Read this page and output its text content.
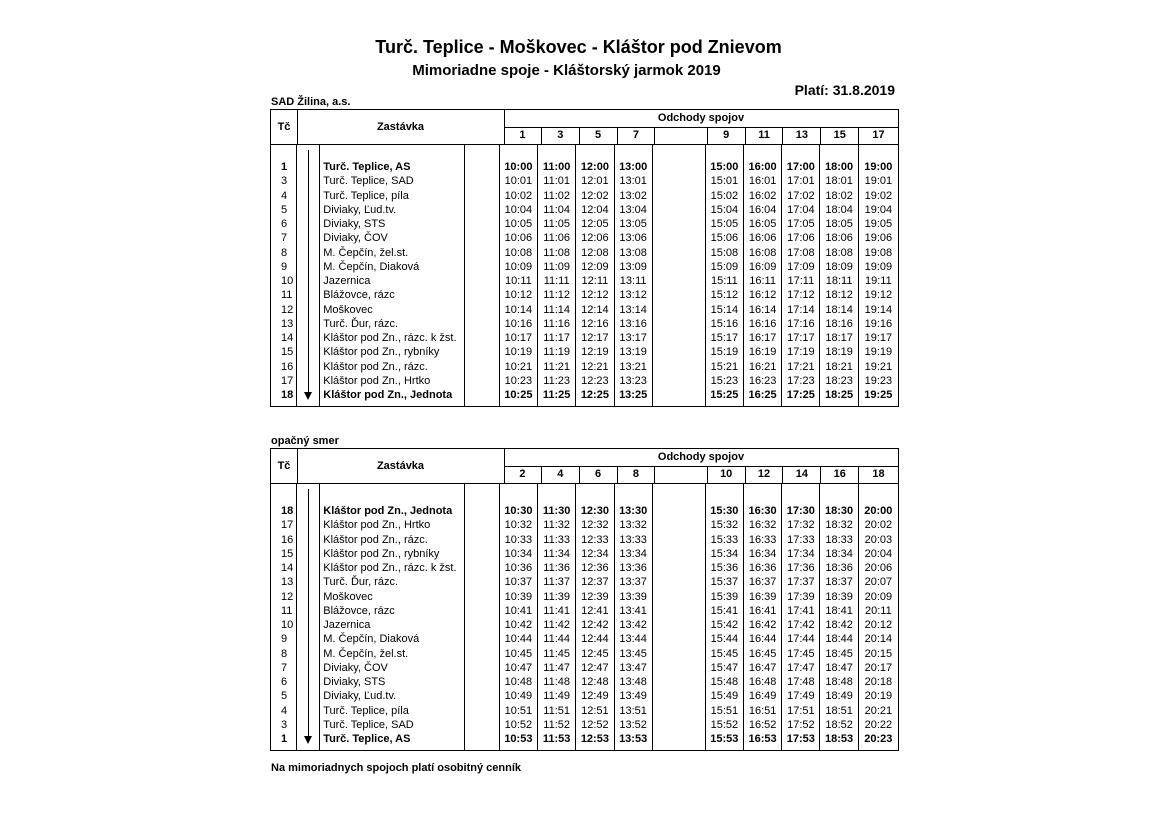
Turč. Teplice - Moškovec - Kláštor pod Znievom
Mimoriadne spoje - Kláštorský jarmok 2019
Platí: 31.8.2019
SAD Žilina, a.s.
Tč	Zastávka
Odchody spojov
1	3	5	7	9	11	13	15	17
1	Turč. Teplice, AS	10:00 11:00 12:00 13:00	15:00 16:00 17:00 18:00	19:00
3	Turč. Teplice, SAD	10:01	11:01	12:01 13:01	15:01 16:01 17:01 18:01	19:01
4	Turč. Teplice, píla	10:02	11:02	12:02 13:02	15:02 16:02 17:02 18:02	19:02
5	Diviaky, Ľud.tv.	10:04	11:04	12:04 13:04	15:04 16:04 17:04 18:04	19:04
6	Diviaky, STS	10:05	11:05	12:05 13:05	15:05 16:05 17:05 18:05	19:05
7	Diviaky, ČOV	10:06	11:06	12:06 13:06	15:06 16:06 17:06 18:06	19:06
8	M. Čepčín, žel.st.	10:08	11:08	12:08 13:08	15:08 16:08 17:08 18:08	19:08
9	M. Čepčín, Diaková	10:09	11:09	12:09 13:09	15:09 16:09 17:09 18:09	19:09
10	Jazernica	10:11	11:11	12:11	13:11	15:11	16:11	17:11	18:11	19:11
11	Blážovce, rázc	10:12	11:12	12:12 13:12	15:12 16:12 17:12 18:12	19:12
12	Moškovec	10:14	11:14	12:14 13:14	15:14 16:14 17:14 18:14	19:14
13	Turč. Ďur, rázc.	10:16	11:16	12:16 13:16	15:16 16:16 17:16 18:16	19:16
14	Kláštor pod Zn., rázc. k žst.	10:17	11:17	12:17 13:17	15:17 16:17 17:17 18:17	19:17
15	Kláštor pod Zn., rybníky	10:19	11:19	12:19 13:19	15:19 16:19 17:19 18:19	19:19
16	Kláštor pod Zn., rázc.	10:21	11:21	12:21 13:21	15:21 16:21 17:21 18:21	19:21
17	Kláštor pod Zn., Hrtko	10:23	11:23	12:23 13:23	15:23 16:23 17:23 18:23	19:23
18	Kláštor pod Zn., Jednota	10:25 11:25 12:25 13:25	15:25 16:25 17:25 18:25	19:25
opačný smer
Tč	Zastávka
Odchody spojov
2	4	6	8	10	12	14	16	18
18	Kláštor pod Zn., Jednota	10:30 11:30 12:30 13:30	15:30 16:30 17:30 18:30	20:00
17	Kláštor pod Zn., Hrtko	10:32	11:32	12:32 13:32	15:32 16:32 17:32 18:32	20:02
16	Kláštor pod Zn., rázc.	10:33	11:33	12:33 13:33	15:33 16:33 17:33 18:33	20:03
15	Kláštor pod Zn., rybníky	10:34	11:34	12:34 13:34	15:34 16:34 17:34 18:34	20:04
14	Kláštor pod Zn., rázc. k žst.	10:36	11:36	12:36 13:36	15:36 16:36 17:36 18:36	20:06
13	Turč. Ďur, rázc.	10:37	11:37	12:37 13:37	15:37 16:37 17:37 18:37	20:07
12	Moškovec	10:39	11:39	12:39 13:39	15:39 16:39 17:39 18:39	20:09
11	Blážovce, rázc	10:41	11:41	12:41 13:41	15:41 16:41 17:41 18:41	20:11
10	Jazernica	10:42	11:42	12:42 13:42	15:42 16:42 17:42 18:42	20:12
9	M. Čepčín, Diaková	10:44	11:44	12:44 13:44	15:44 16:44 17:44 18:44	20:14
8	M. Čepčín, žel.st.	10:45	11:45	12:45 13:45	15:45 16:45 17:45 18:45	20:15
7	Diviaky, ČOV	10:47	11:47	12:47 13:47	15:47 16:47 17:47 18:47	20:17
6	Diviaky, STS	10:48	11:48	12:48 13:48	15:48 16:48 17:48 18:48	20:18
5	Diviaky, Ľud.tv.	10:49	11:49	12:49 13:49	15:49 16:49 17:49 18:49	20:19
4	Turč. Teplice, píla	10:51	11:51	12:51 13:51	15:51 16:51 17:51 18:51	20:21
3	Turč. Teplice, SAD	10:52	11:52	12:52 13:52	15:52 16:52 17:52 18:52	20:22
1	Turč. Teplice, AS	10:53 11:53 12:53 13:53	15:53 16:53 17:53 18:53	20:23
Na mimoriadnych spojoch platí osobitný cenník
